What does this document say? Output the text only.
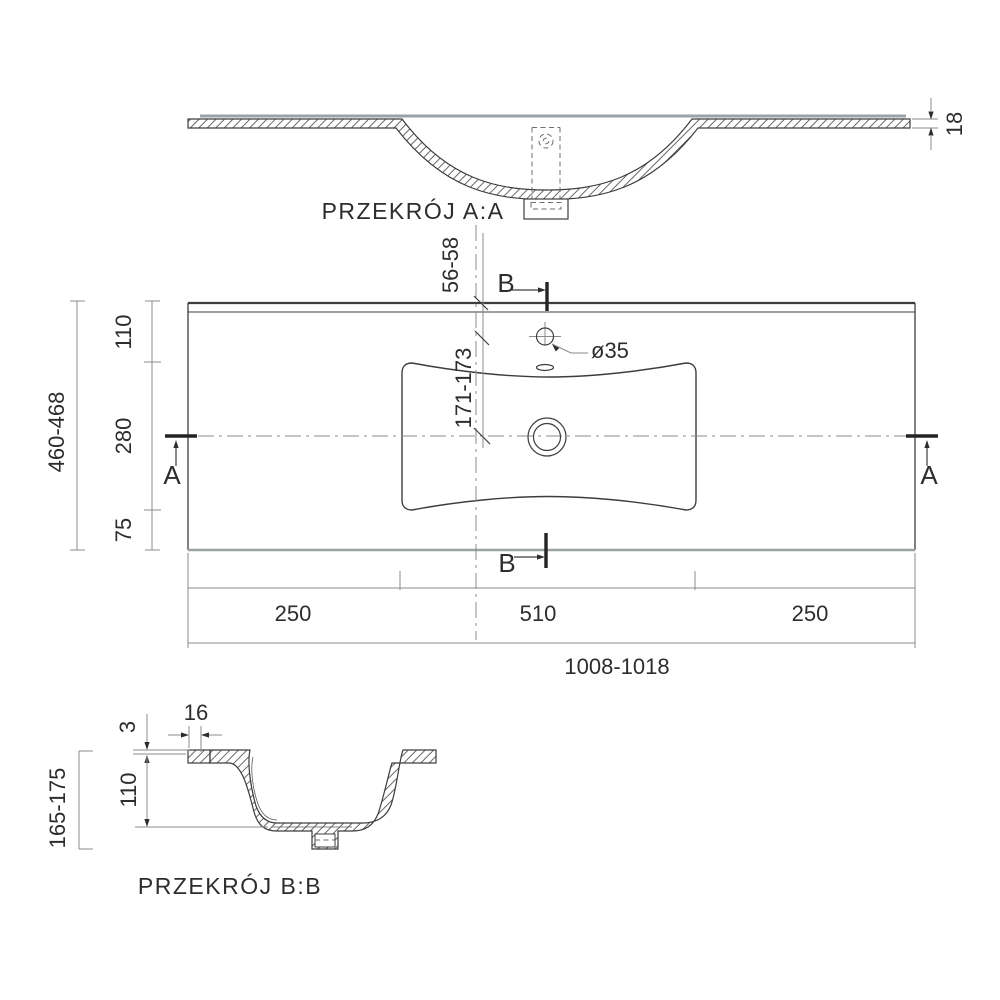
18
PRZEKRÓJ A:A
ø35
56-58
171-173
B
B
A	A
110
280
75
460-468
250	510	250
1008-1018
16
3
110
165-175
PRZEKRÓJ B:B
